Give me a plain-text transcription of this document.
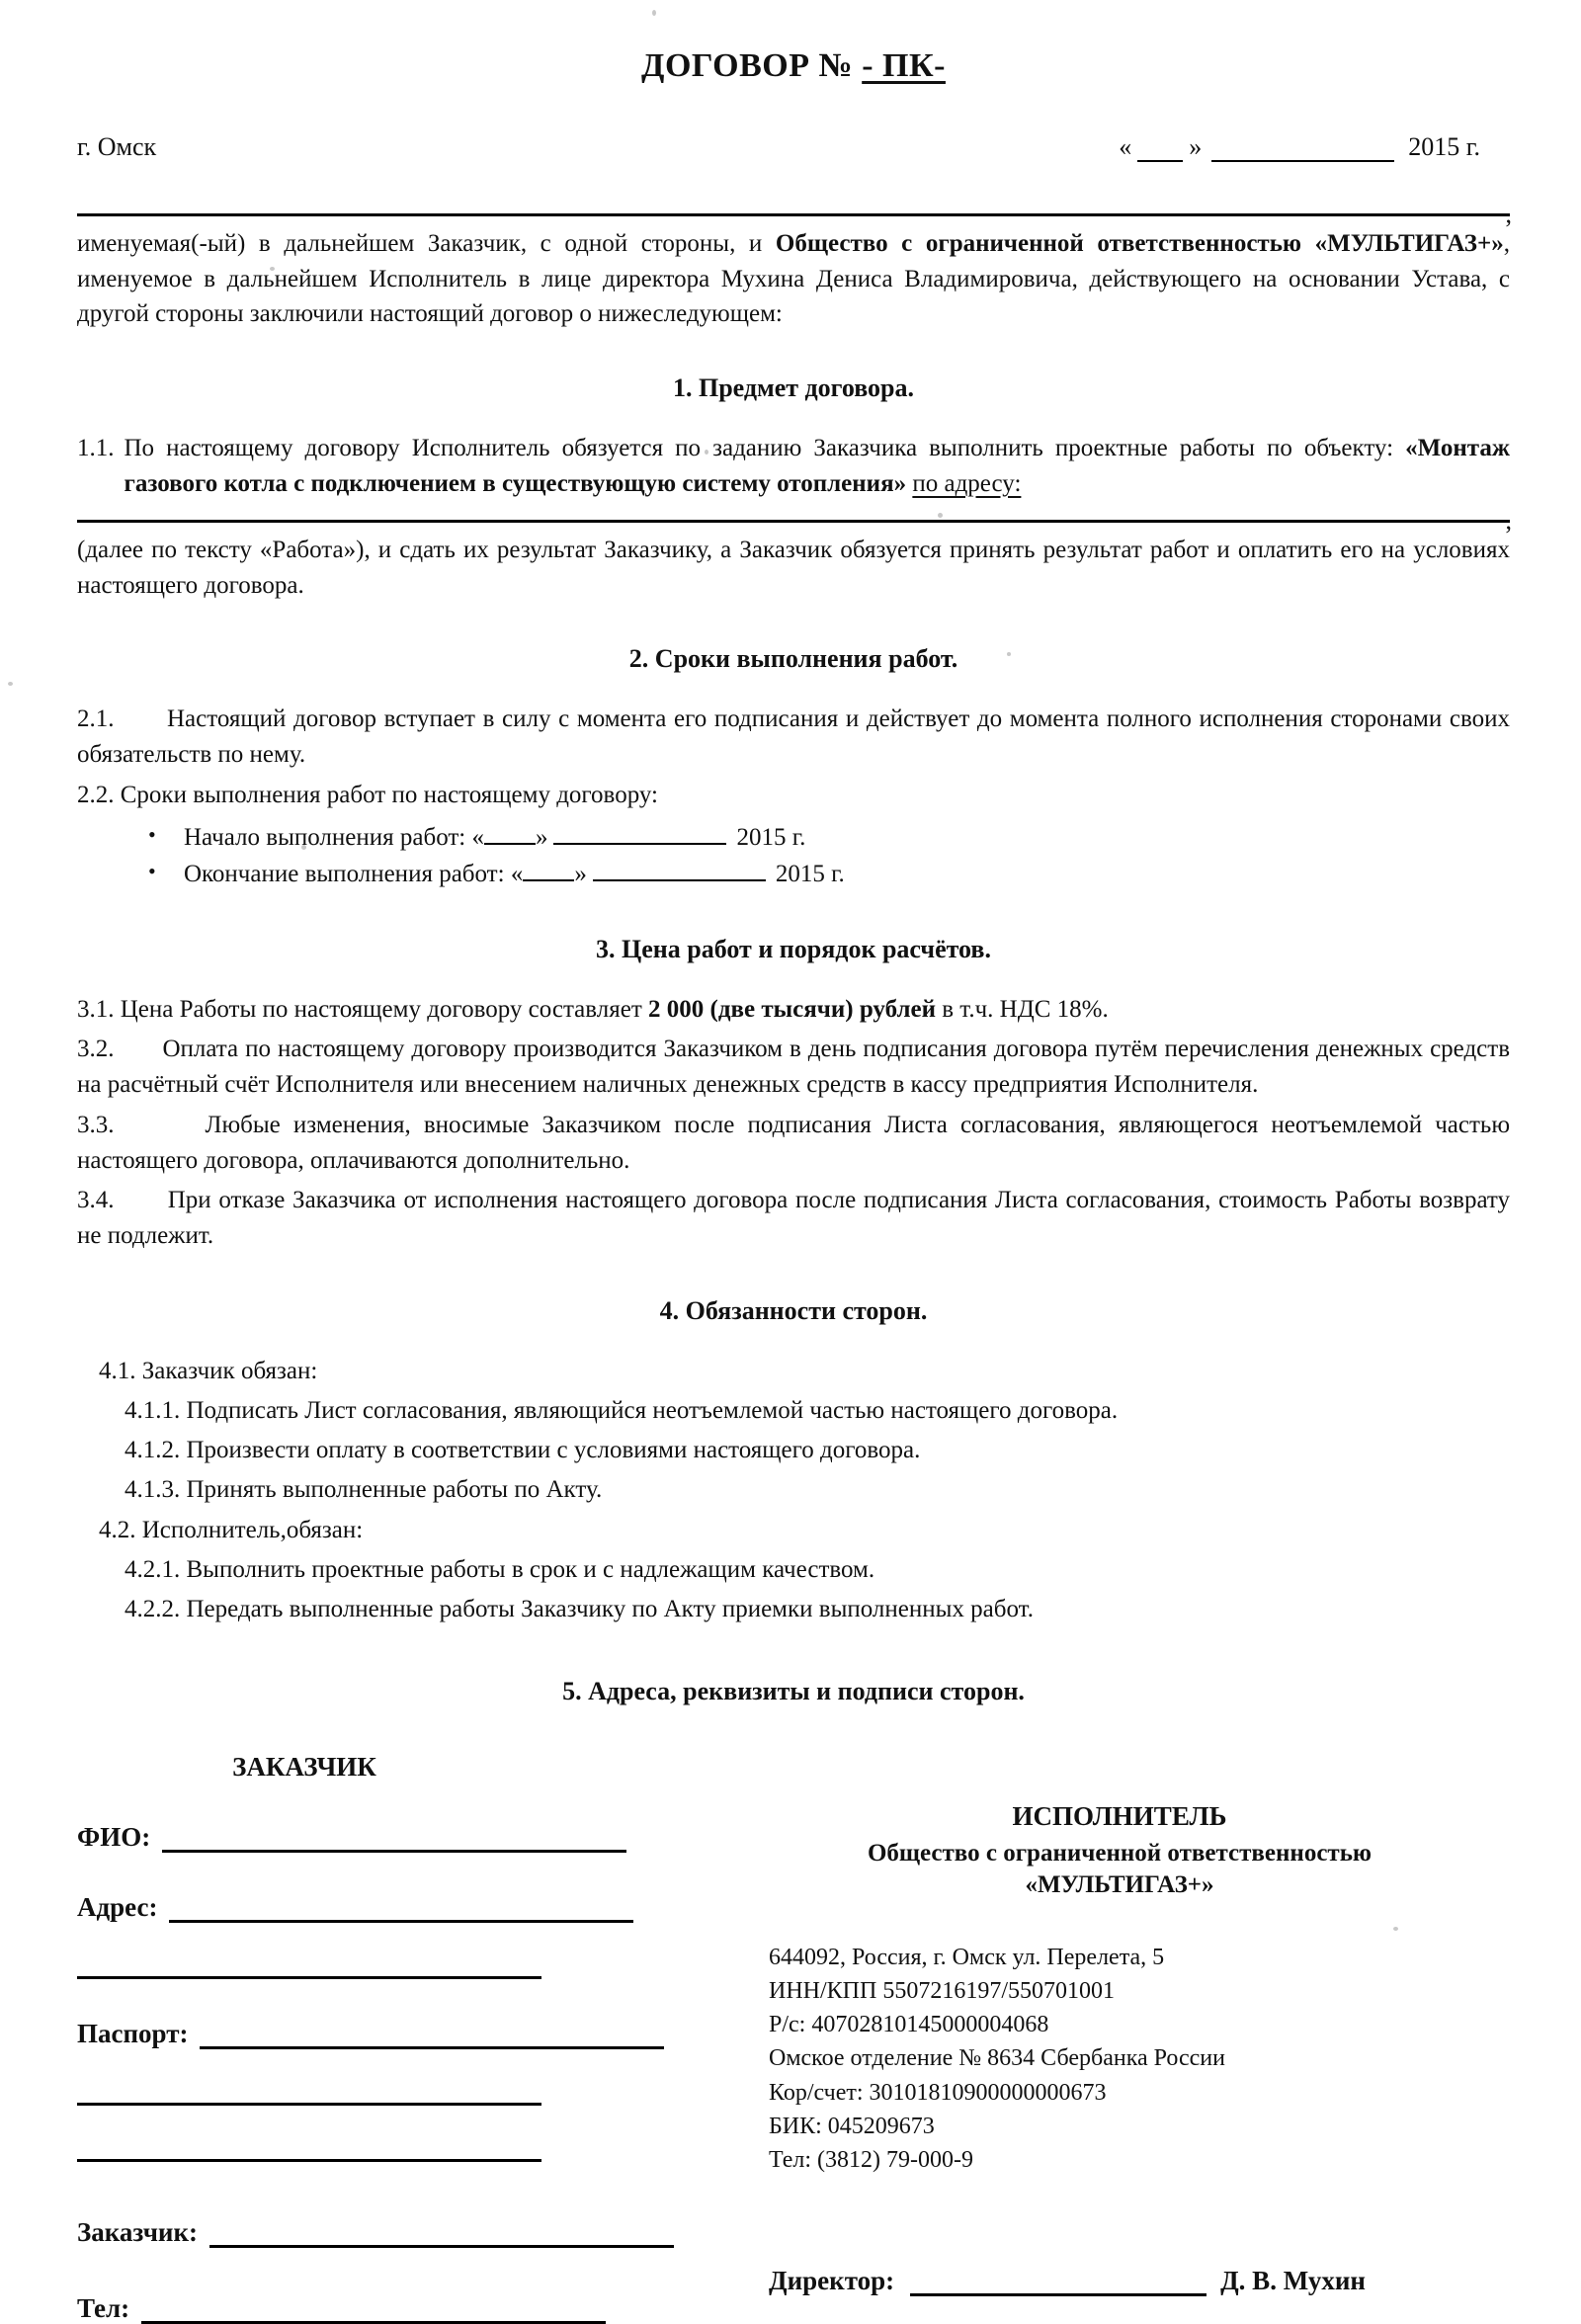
ДОГОВОР № - ПК-
г. Омск	« »	2015 г.
,
именуемая(-ый) в дальнейшем Заказчик, с одной стороны, и Общество с ограниченной ответственностью «МУЛЬТИГАЗ+», именуемое в дальнейшем Исполнитель в лице директора Мухина Дениса Владимировича, действующего на основании Устава, с другой стороны заключили настоящий договор о нижеследующем:
1. Предмет договора.
1.1. По настоящему договору Исполнитель обязуется по заданию Заказчика выполнить проектные работы по объекту: «Монтаж газового котла с подключением в существующую систему отопления» по адресу:
,
(далее по тексту «Работа»), и сдать их результат Заказчику, а Заказчик обязуется принять результат работ и оплатить его на условиях настоящего договора.
2. Сроки выполнения работ.
2.1. Настоящий договор вступает в силу с момента его подписания и действует до момента полного исполнения сторонами своих обязательств по нему.
2.2. Сроки выполнения работ по настоящему договору:
• Начало выполнения работ: « »	2015 г.
• Окончание выполнения работ: « »	2015 г.
3. Цена работ и порядок расчётов.
3.1. Цена Работы по настоящему договору составляет 2 000 (две тысячи) рублей в т.ч. НДС 18%.
3.2. Оплата по настоящему договору производится Заказчиком в день подписания договора путём перечисления денежных средств на расчётный счёт Исполнителя или внесением наличных денежных средств в кассу предприятия Исполнителя.
3.3.	Любые изменения, вносимые Заказчиком после подписания Листа согласования, являющегося неотъемлемой частью настоящего договора, оплачиваются дополнительно.
3.4. При отказе Заказчика от исполнения настоящего договора после подписания Листа согласования, стоимость Работы возврату не подлежит.
4. Обязанности сторон.
4.1. Заказчик обязан:
4.1.1. Подписать Лист согласования, являющийся неотъемлемой частью настоящего договора.
4.1.2. Произвести оплату в соответствии с условиями настоящего договора.
4.1.3. Принять выполненные работы по Акту.
4.2. Исполнитель,обязан:
4.2.1. Выполнить проектные работы в срок и с надлежащим качеством.
4.2.2. Передать выполненные работы Заказчику по Акту приемки выполненных работ.
5. Адреса, реквизиты и подписи сторон.
ЗАКАЗЧИК
ФИО:
Адрес:
Паспорт:
Заказчик:
Тел:
ИСПОЛНИТЕЛЬ
Общество с ограниченной ответственностью
«МУЛЬТИГАЗ+»
644092, Россия, г. Омск ул. Перелета, 5
ИНН/КПП 5507216197/550701001
Р/с: 40702810145000004068
Омское отделение № 8634 Сбербанка России
Кор/счет: 30101810900000000673
БИК: 045209673
Тел: (3812) 79-000-9
Директор:	Д. В. Мухин
